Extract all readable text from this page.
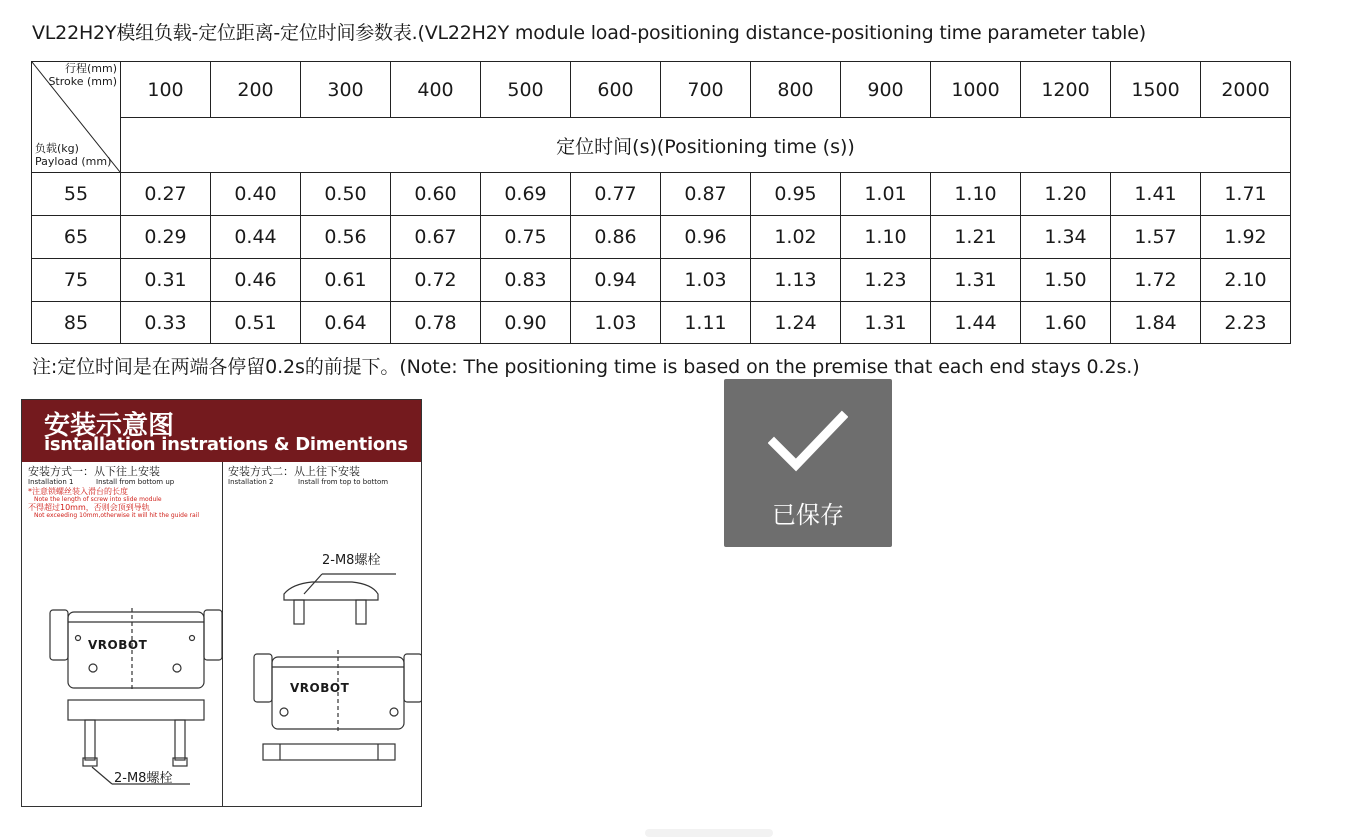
VL22H2Y模组负载-定位距离-定位时间参数表.(VL22H2Y module load-positioning distance-positioning time parameter table)
行程(mm)
Stroke (mm)
负载(kg)
Payload (mm)	100	200	300	400	500	600	700	800	900	1000	1200	1500	2000
	定位时间(s)(Positioning time (s))												
55	0.27	0.40	0.50	0.60	0.69	0.77	0.87	0.95	1.01	1.10	1.20	1.41	1.71
65	0.29	0.44	0.56	0.67	0.75	0.86	0.96	1.02	1.10	1.21	1.34	1.57	1.92
75	0.31	0.46	0.61	0.72	0.83	0.94	1.03	1.13	1.23	1.31	1.50	1.72	2.10
85	0.33	0.51	0.64	0.78	0.90	1.03	1.11	1.24	1.31	1.44	1.60	1.84	2.23
注:定位时间是在两端各停留0.2s的前提下。(Note: The positioning time is based on the premise that each end stays 0.2s.)
安装示意图
isntallation instrations & Dimentions
安装方式一：从下往上安装
Installation 1	Install from bottom up
*注意锁螺丝装入滑台的长度
Note the length of screw into slide module
不得超过10mm，否则会顶到导轨
Not exceeding 10mm,otherwise it will hit the guide rail
安装方式二：从上往下安装
Installation 2	Install from top to bottom
VROBOT
2-M8螺栓
2-M8螺栓
VROBOT
已保存
